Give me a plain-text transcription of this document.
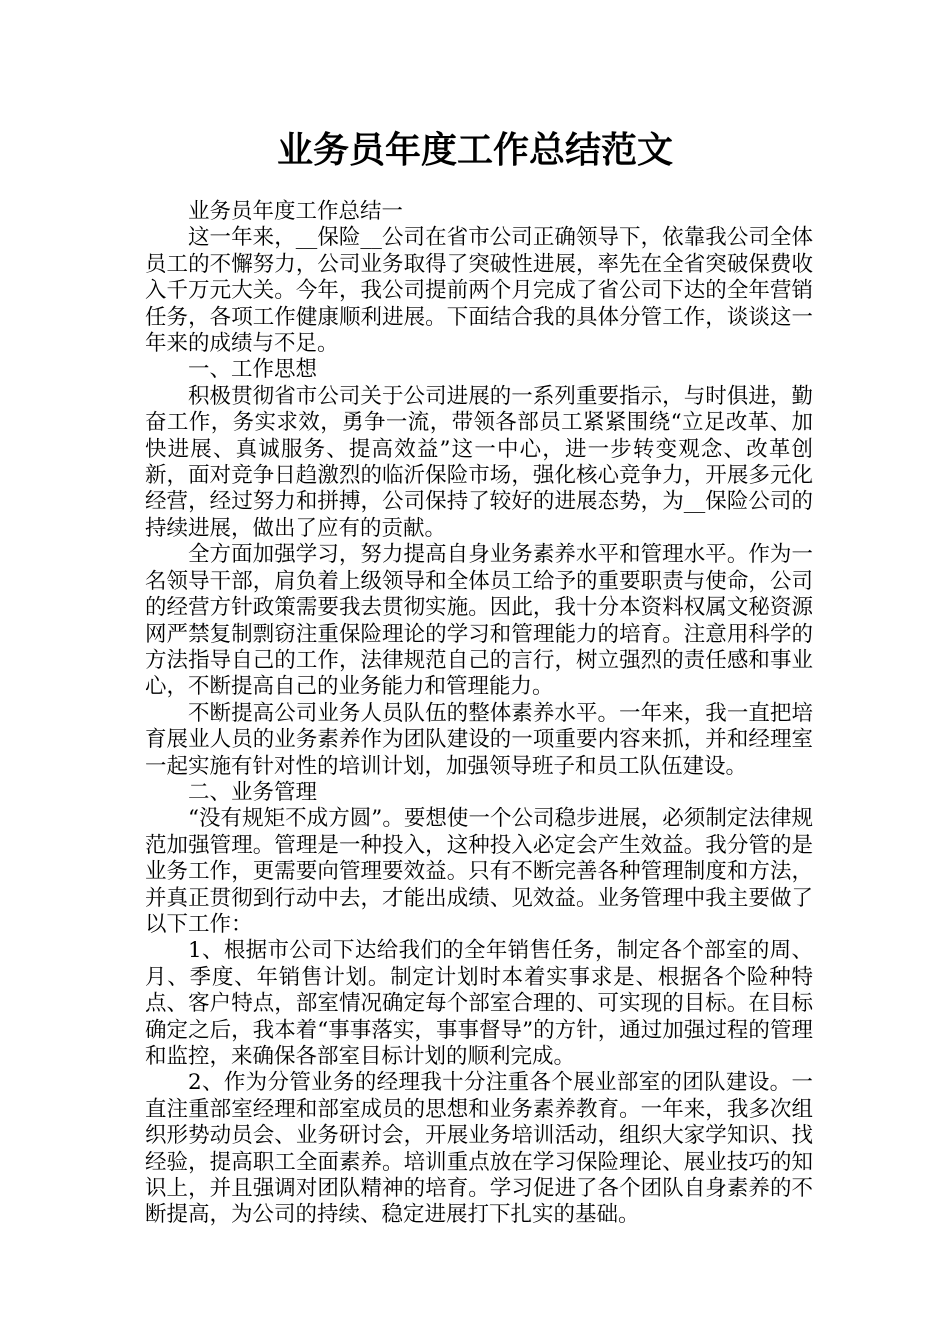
业务员年度工作总结范文

业务员年度工作总结一

这一年来，__保险__公司在省市公司正确领导下，依靠我公司全体员工的不懈努力，公司业务取得了突破性进展，率先在全省突破保费收入千万元大关。今年，我公司提前两个月完成了省公司下达的全年营销任务，各项工作健康顺利进展。下面结合我的具体分管工作，谈谈这一年来的成绩与不足。

一、工作思想

积极贯彻省市公司关于公司进展的一系列重要指示，与时俱进，勤奋工作，务实求效，勇争一流，带领各部员工紧紧围绕“立足改革、加快进展、真诚服务、提高效益”这一中心，进一步转变观念、改革创新，面对竞争日趋激烈的临沂保险市场，强化核心竞争力，开展多元化经营，经过努力和拼搏，公司保持了较好的进展态势，为__保险公司的持续进展，做出了应有的贡献。

全方面加强学习，努力提高自身业务素养水平和管理水平。作为一名领导干部，肩负着上级领导和全体员工给予的重要职责与使命，公司的经营方针政策需要我去贯彻实施。因此，我十分本资料权属文秘资源网严禁复制剽窃注重保险理论的学习和管理能力的培育。注意用科学的方法指导自己的工作，法律规范自己的言行，树立强烈的责任感和事业心，不断提高自己的业务能力和管理能力。

不断提高公司业务人员队伍的整体素养水平。一年来，我一直把培育展业人员的业务素养作为团队建设的一项重要内容来抓，并和经理室一起实施有针对性的培训计划，加强领导班子和员工队伍建设。

二、业务管理

“没有规矩不成方圆”。要想使一个公司稳步进展，必须制定法律规范加强管理。管理是一种投入，这种投入必定会产生效益。我分管的是业务工作，更需要向管理要效益。只有不断完善各种管理制度和方法，并真正贯彻到行动中去，才能出成绩、见效益。业务管理中我主要做了以下工作：

1、根据市公司下达给我们的全年销售任务，制定各个部室的周、月、季度、年销售计划。制定计划时本着实事求是、根据各个险种特点、客户特点，部室情况确定每个部室合理的、可实现的目标。在目标确定之后，我本着“事事落实，事事督导”的方针，通过加强过程的管理和监控，来确保各部室目标计划的顺利完成。

2、作为分管业务的经理我十分注重各个展业部室的团队建设。一直注重部室经理和部室成员的思想和业务素养教育。一年来，我多次组织形势动员会、业务研讨会，开展业务培训活动，组织大家学知识、找经验，提高职工全面素养。培训重点放在学习保险理论、展业技巧的知识上，并且强调对团队精神的培育。学习促进了各个团队自身素养的不断提高，为公司的持续、稳定进展打下扎实的基础。
